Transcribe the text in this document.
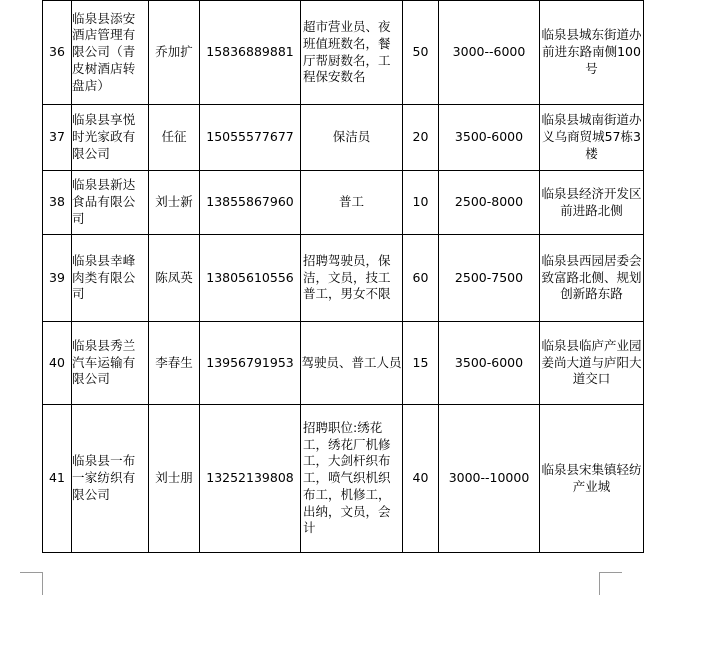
36	临泉县添安酒店管理有限公司（青皮树酒店转盘店）	乔加扩	15836889881	超市营业员、夜班值班数名，餐厅帮厨数名，工程保安数名	50	3000--6000	临泉县城东街道办前进东路南侧100号
37	临泉县享悦时光家政有限公司	任征	15055577677	保洁员	20	3500-6000	临泉县城南街道办义乌商贸城57栋3楼
38	临泉县新达食品有限公司	刘士新	13855867960	普工	10	2500-8000	临泉县经济开发区前进路北侧
39	临泉县幸峰肉类有限公司	陈凤英	13805610556	招聘驾驶员，保洁，文员，技工普工，男女不限	60	2500-7500	临泉县西园居委会致富路北侧、规划创新路东路
40	临泉县秀兰汽车运输有限公司	李春生	13956791953	驾驶员、普工人员	15	3500-6000	临泉县临庐产业园姜尚大道与庐阳大道交口
41	临泉县一布一家纺织有限公司	刘士朋	13252139808	招聘职位:绣花工，绣花厂机修工，大剑杆织布工，喷气织机织布工，机修工，出纳，文员，会计	40	3000--10000	临泉县宋集镇轻纺产业城
